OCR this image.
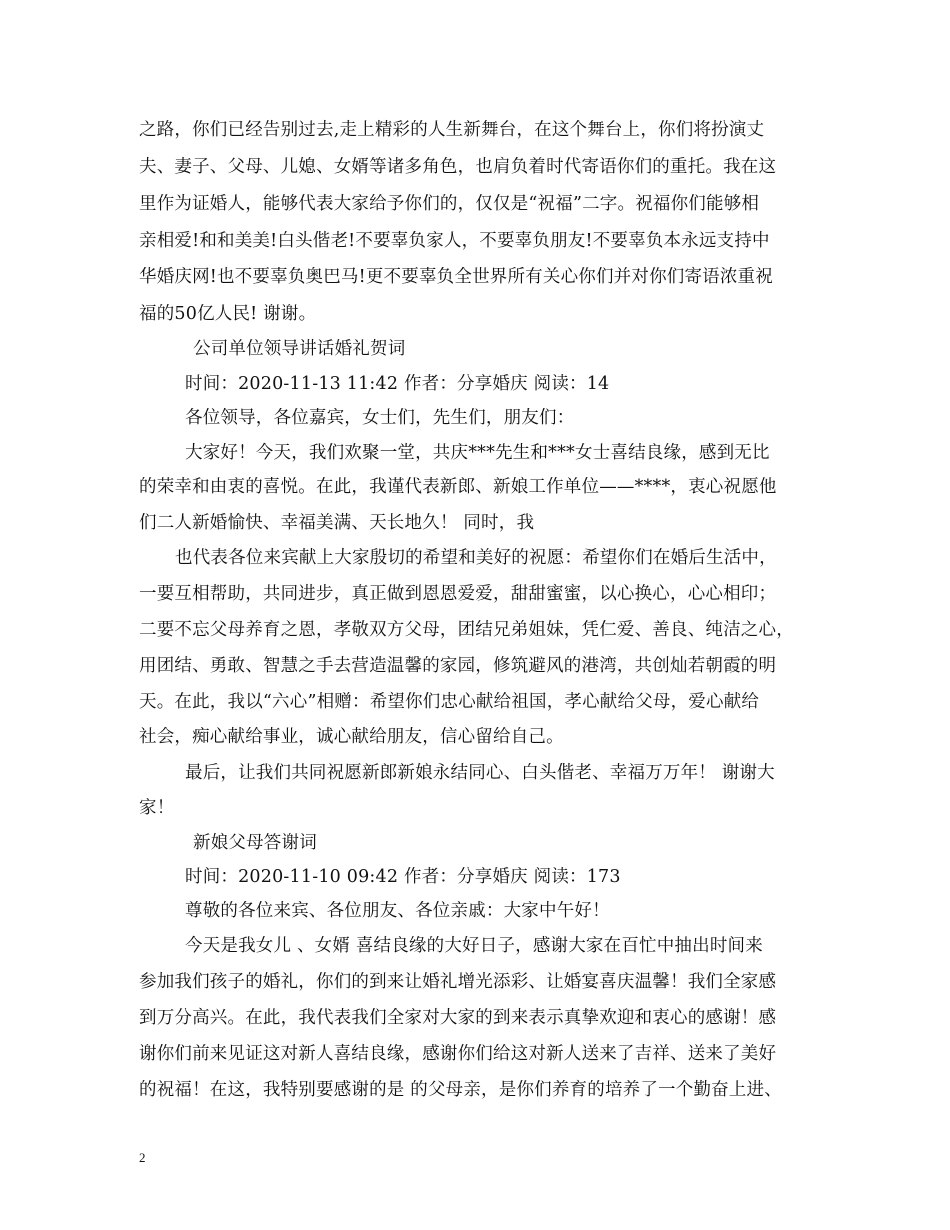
之路，你们已经告别过去,走上精彩的人生新舞台，在这个舞台上，你们将扮演丈
夫、妻子、父母、儿媳、女婿等诸多角色，也肩负着时代寄语你们的重托。我在这
里作为证婚人，能够代表大家给予你们的，仅仅是“祝福”二字。祝福你们能够相
亲相爱!和和美美!白头偕老!不要辜负家人，不要辜负朋友!不要辜负本永远支持中
华婚庆网!也不要辜负奥巴马!更不要辜负全世界所有关心你们并对你们寄语浓重祝
福的50亿人民! 谢谢。
公司单位领导讲话婚礼贺词
时间：2020-11-13 11:42 作者：分享婚庆 阅读：14
各位领导，各位嘉宾，女士们，先生们，朋友们：
大家好！今天，我们欢聚一堂，共庆***先生和***女士喜结良缘，感到无比
的荣幸和由衷的喜悦。在此，我谨代表新郎、新娘工作单位——****，衷心祝愿他
们二人新婚愉快、幸福美满、天长地久！ 同时，我
也代表各位来宾献上大家殷切的希望和美好的祝愿：希望你们在婚后生活中，
一要互相帮助，共同进步，真正做到恩恩爱爱，甜甜蜜蜜，以心换心，心心相印；
二要不忘父母养育之恩，孝敬双方父母，团结兄弟姐妹，凭仁爱、善良、纯洁之心，
用团结、勇敢、智慧之手去营造温馨的家园，修筑避风的港湾，共创灿若朝霞的明
天。在此，我以“六心”相赠：希望你们忠心献给祖国，孝心献给父母，爱心献给
社会，痴心献给事业，诚心献给朋友，信心留给自己。
最后，让我们共同祝愿新郎新娘永结同心、白头偕老、幸福万万年！ 谢谢大
家！
新娘父母答谢词
时间：2020-11-10 09:42 作者：分享婚庆 阅读：173
尊敬的各位来宾、各位朋友、各位亲戚：大家中午好！
今天是我女儿 、女婿 喜结良缘的大好日子，感谢大家在百忙中抽出时间来
参加我们孩子的婚礼，你们的到来让婚礼增光添彩、让婚宴喜庆温馨！我们全家感
到万分高兴。在此，我代表我们全家对大家的到来表示真挚欢迎和衷心的感谢！感
谢你们前来见证这对新人喜结良缘，感谢你们给这对新人送来了吉祥、送来了美好
的祝福！在这，我特别要感谢的是 的父母亲，是你们养育的培养了一个勤奋上进、
2
